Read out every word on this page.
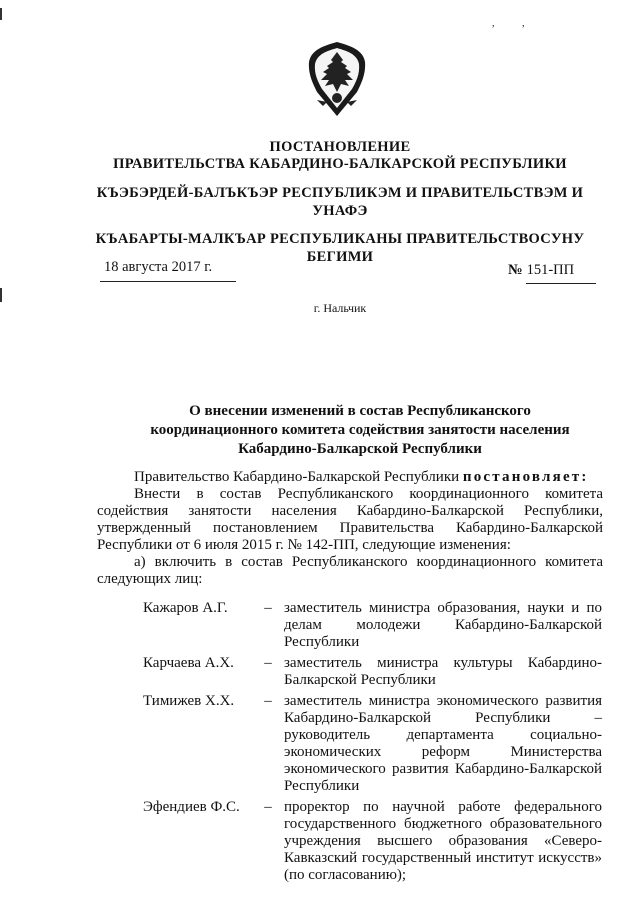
,	,
ПОСТАНОВЛЕНИЕ
ПРАВИТЕЛЬСТВА КАБАРДИНО-БАЛКАРСКОЙ РЕСПУБЛИКИ
КЪЭБЭРДЕЙ-БАЛЪКЪЭР РЕСПУБЛИКЭМ И ПРАВИТЕЛЬСТВЭМ И
УНАФЭ
КЪАБАРТЫ-МАЛКЪАР РЕСПУБЛИКАНЫ ПРАВИТЕЛЬСТВОСУНУ
БЕГИМИ
18 августа 2017 г.	№ 151-ПП
г. Нальчик
О внесении изменений в состав Республиканского
координационного комитета содействия занятости населения
Кабардино-Балкарской Республики

Правительство Кабардино-Балкарской Республики постановляет:

Внести в состав Республиканского координационного комитета содействия занятости населения Кабардино-Балкарской Республики, утвержденный постановлением Правительства Кабардино-Балкарской Республики от 6 июля 2015 г. № 142-ПП, следующие изменения:

а) включить в состав Республиканского координационного комитета следующих лиц:

Кажаров А.Г.	– заместитель министра образования, науки и по делам молодежи Кабардино-Балкарской Республики
Карчаева А.Х.	– заместитель министра культуры Кабардино-Балкарской Республики
Тимижев Х.Х.	– заместитель министра экономического развития Кабардино-Балкарской Республики – руководитель департамента социально-экономических реформ Министерства экономического развития Кабардино-Балкарской Республики
Эфендиев Ф.С.	– проректор по научной работе федерального государственного бюджетного образовательного учреждения высшего образования «Северо-Кавказский государственный институт искусств» (по согласованию);
